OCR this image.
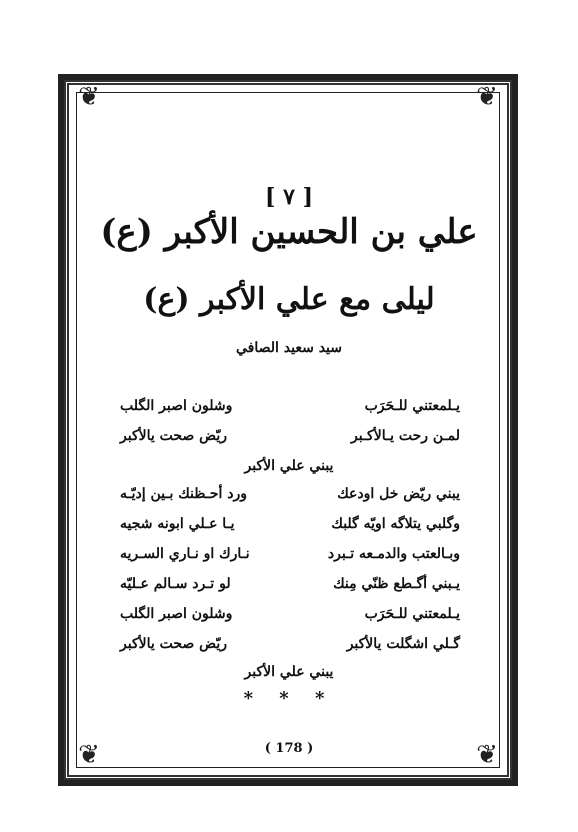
❦	❦
❦	❦
[ ٧ ]
علي بن الحسين الأكبر (ع)
ليلى مع علي الأكبر (ع)
سيد سعيد الصافي
يـلمعتني للـحَرَب
وشلون اصبر الگلب
لمـن رحت يـالأكـبر
ريّض صحت يالأكبر
يبني علي الأكبر
يبني ريّض خل اودعك
ورد أحـظنك بـين إديّـه
وگلبي يتلاگه اويّه گلبك
يـا عـلي ابونه شجيه
وبـالعتب والدمـعه تـبرد
نـارك او نـاري السـريه
يـبني أگـطع ظنّي مِنك
لو تـرد سـالم عـليّه
يـلمعتني للـحَرَب
وشلون اصبر الگلب
گـلي اشگلت يالأكبر
ريّض صحت يالأكبر
يبني علي الأكبر
* * *
( 178 )
